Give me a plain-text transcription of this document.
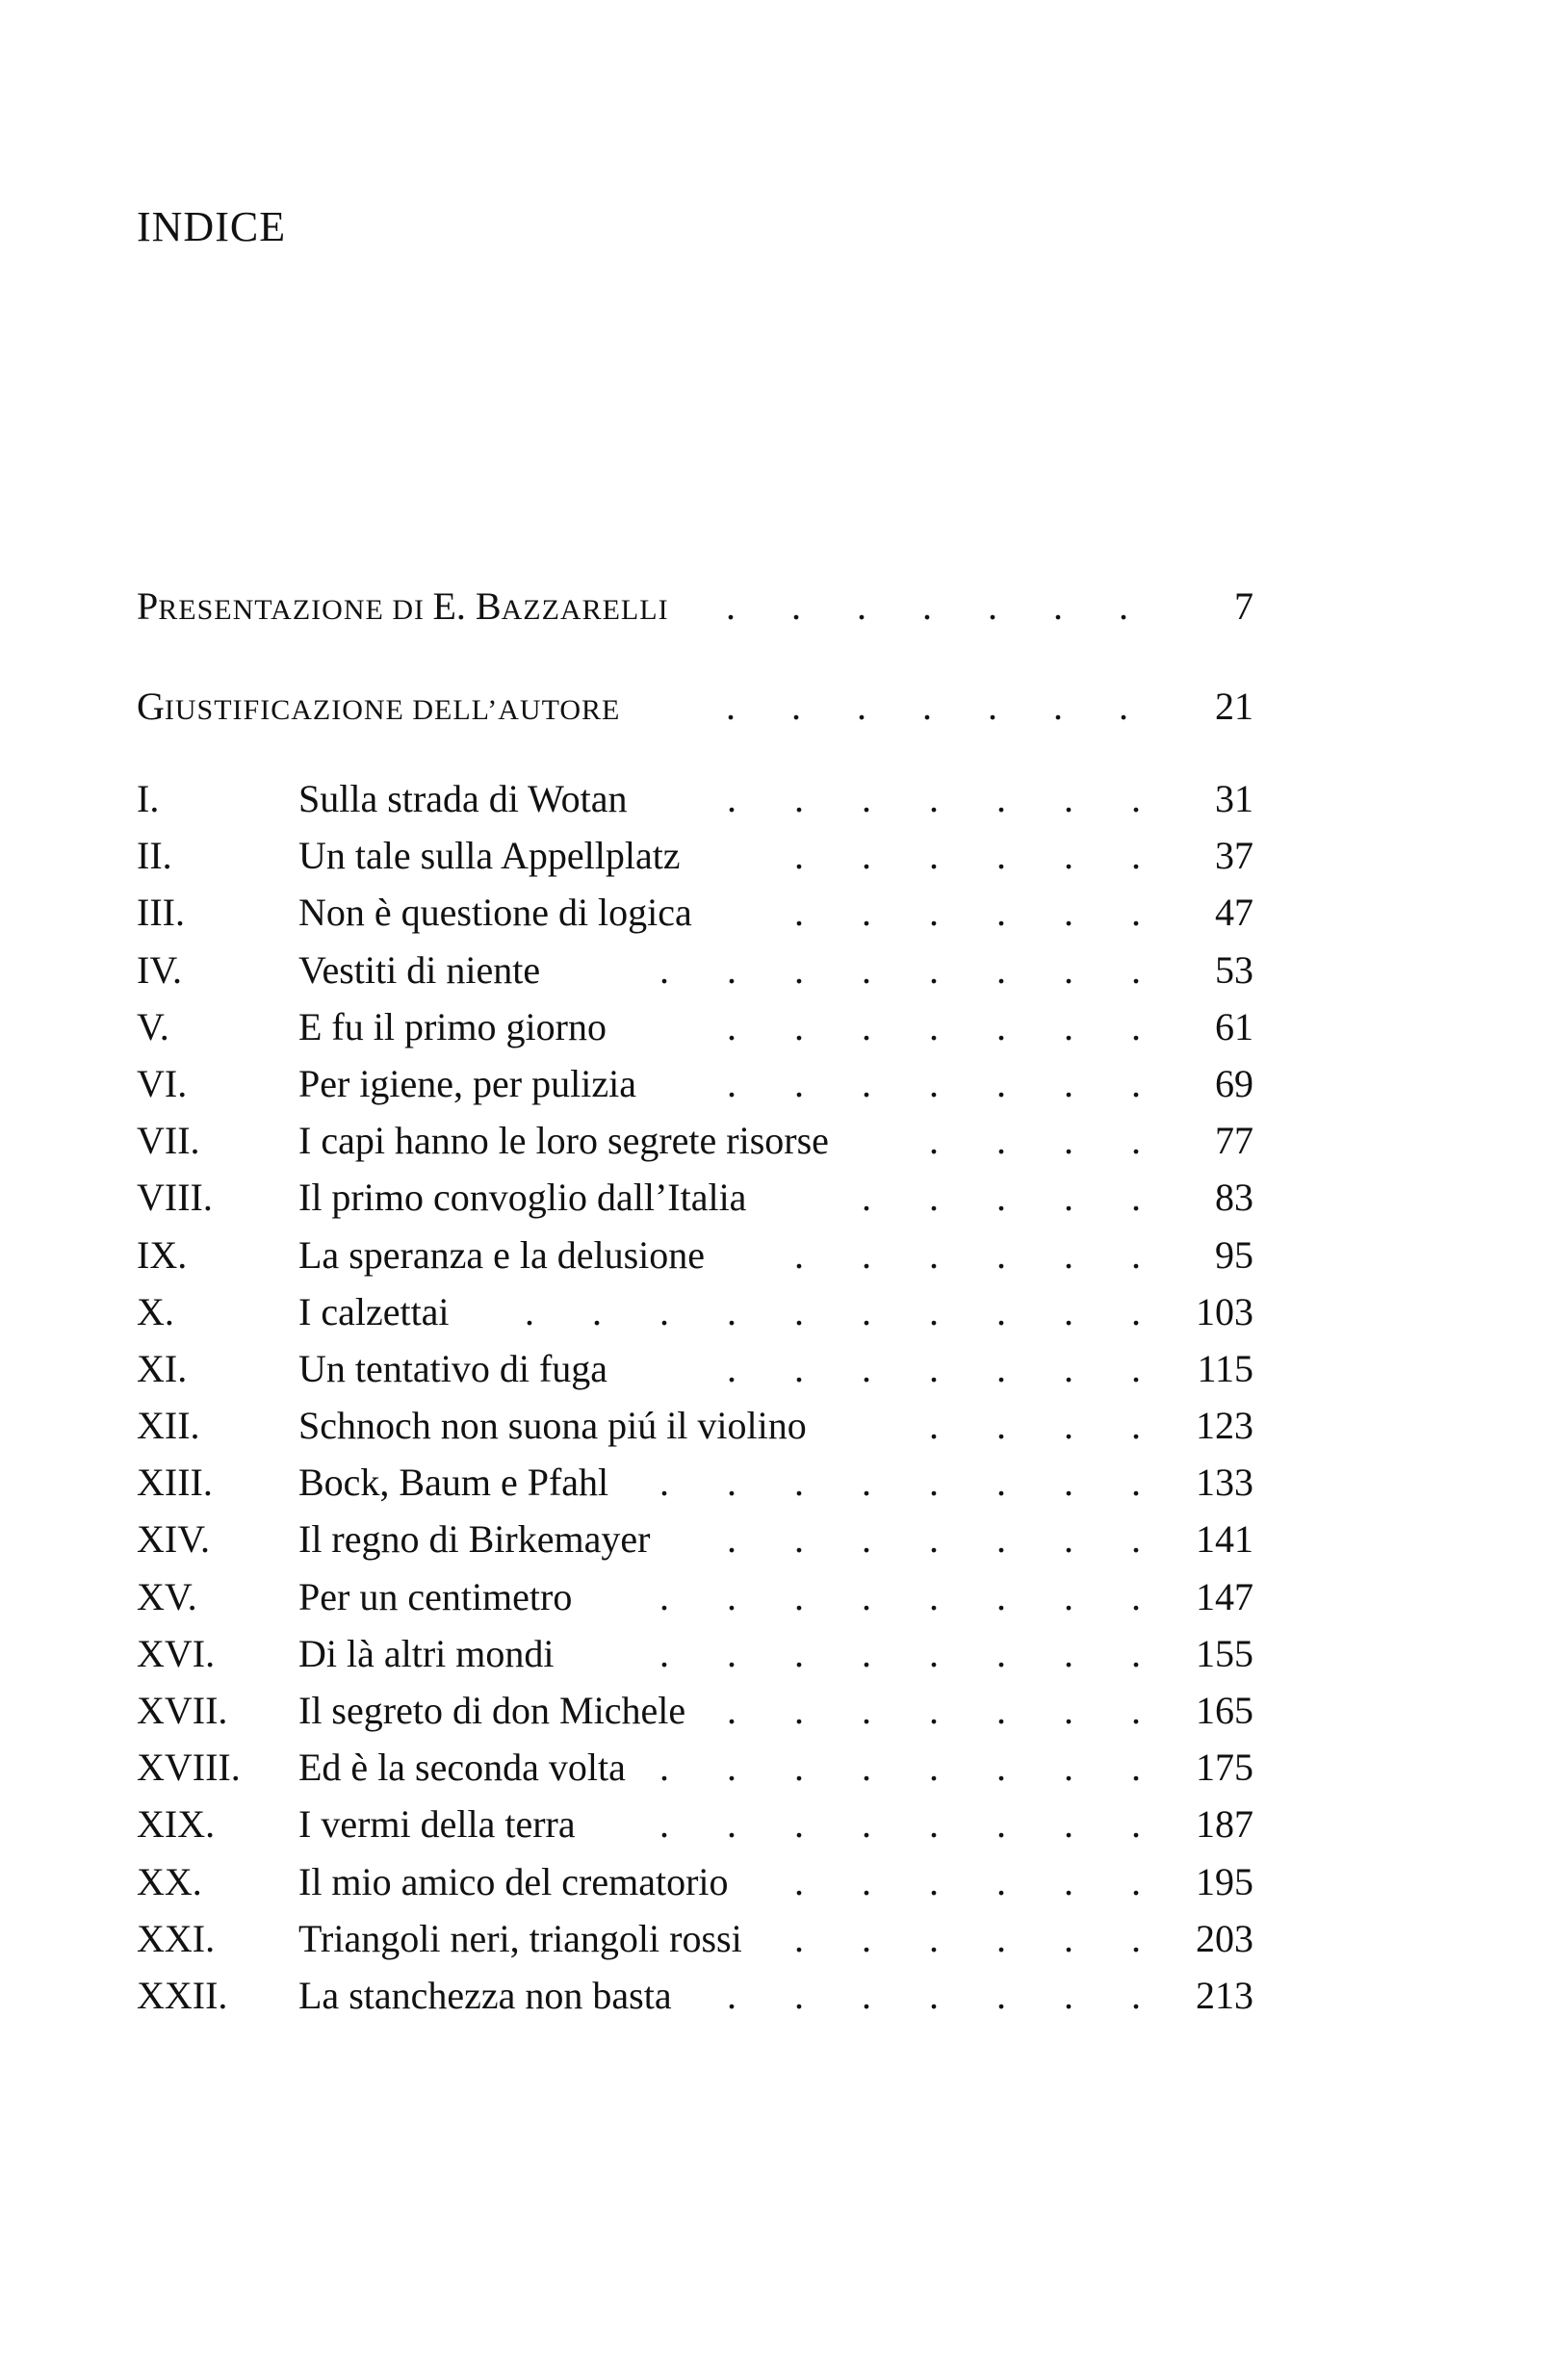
INDICE
PRESENTAZIONE DI E. BAZZARELLI . . . . . . . 7
GIUSTIFICAZIONE DELL’AUTORE	. . . . . . . 21
I.	Sulla strada di Wotan	. . . . . . . 31
II.	Un tale sulla Appellplatz	. . . . . . 37
III.	Non è questione di logica	. . . . . . 47
IV.	Vestiti di niente	. . . . . . . . 53
V.	E fu il primo giorno	. . . . . . . 61
VI.	Per igiene, per pulizia . . . . . . . 69
VII.	I capi hanno le loro segrete risorse	. . . . 77
VIII. Il primo convoglio dall’Italia	. . . . . 83
IX.	La speranza e la delusione . . . . . . 95
X.	I calzettai . . . . . . . . . . 103
XI.	Un tentativo di fuga	. . . . . . . 115
XII.	Schnoch non suona piú il violino	. . . . 123
XIII. Bock, Baum e Pfahl . . . . . . . . 133
XIV. Il regno di Birkemayer . . . . . . . 141
XV.	Per un centimetro . . . . . . . . 147
XVI. Di là altri mondi	. . . . . . . . 155
XVII. Il segreto di don Michele . . . . . . . 165
XVIII. Ed è la seconda volta . . . . . . . . 175
XIX. I vermi della terra . . . . . . . . 187
XX.	Il mio amico del crematorio . . . . . . 195
XXI. Triangoli neri, triangoli rossi . . . . . . 203
XXII. La stanchezza non basta . . . . . . . 213
